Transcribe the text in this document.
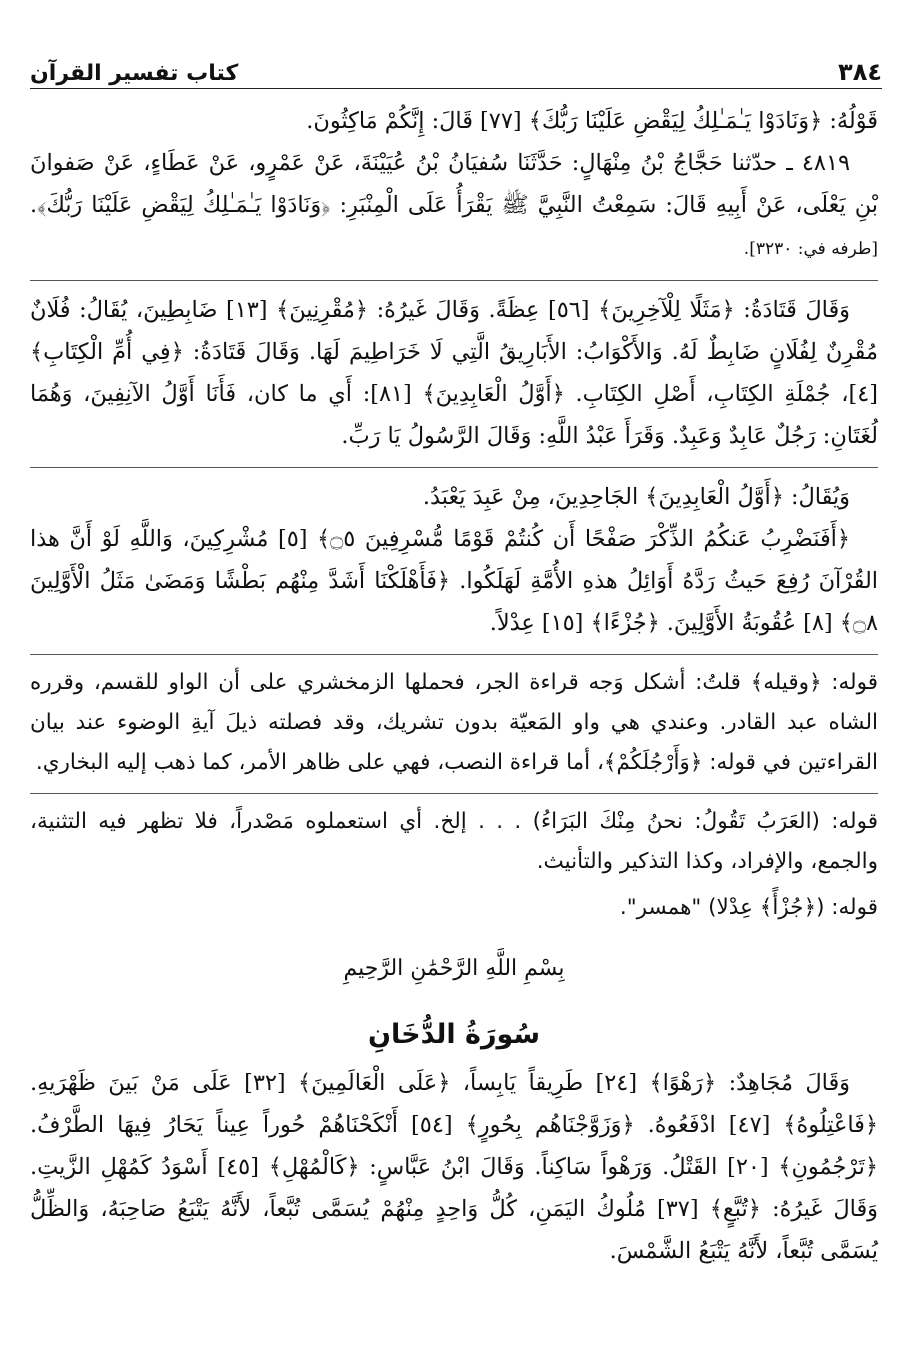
٣٨٤
كتاب تفسير القرآن

قَوْلُهُ: ﴿وَنَادَوْا يَـٰمَـٰلِكُ لِيَقْضِ عَلَيْنَا رَبُّكَ﴾ [٧٧] قَالَ: إِنَّكُمْ مَاكِثُونَ.

٤٨١٩ ـ حدّثنا حَجَّاجُ بْنُ مِنْهَالٍ: حَدَّثَنَا سُفيَانُ بْنُ عُيَيْنَةَ، عَنْ عَمْرٍو، عَنْ عَطَاءٍ، عَنْ صَفوانَ بْنِ يَعْلَى، عَنْ أَبِيهِ قَالَ: سَمِعْتُ النَّبِيَّ ﷺ يَقْرَأُ عَلَى الْمِنْبَرِ: ﴿وَنَادَوْا يَـٰمَـٰلِكُ لِيَقْضِ عَلَيْنَا رَبُّكَ﴾. [طرفه في: ٣٢٣٠].

وَقَالَ قَتَادَةُ: ﴿مَثَلًا لِلْآخِرِينَ﴾ [٥٦] عِظَةً. وَقَالَ غَيرُهُ: ﴿مُقْرِنِينَ﴾ [١٣] ضَابِطِينَ، يُقَالُ: فُلَانٌ مُقْرِنٌ لِفُلَانٍ ضَابِطٌ لَهُ. وَالأَكْوَابُ: الأَبَارِيقُ الَّتِي لَا خَرَاطِيمَ لَهَا. وَقَالَ قَتَادَةُ: ﴿فِي أُمِّ الْكِتَابِ﴾ [٤]، جُمْلَةِ الكِتَابِ، أَصْلِ الكِتَابِ. ﴿أَوَّلُ الْعَابِدِينَ﴾ [٨١]: أَي ما كان، فَأَنَا أَوَّلُ الآنِفِينَ، وَهُمَا لُغَتَانِ: رَجُلٌ عَابِدٌ وَعَبِدٌ. وَقَرَأَ عَبْدُ اللَّهِ: وَقَالَ الرَّسُولُ يَا رَبِّ.

وَيُقَالُ: ﴿أَوَّلُ الْعَابِدِينَ﴾ الجَاحِدِينَ، مِنْ عَبِدَ يَعْبَدُ.

﴿أَفَنَضْرِبُ عَنكُمُ الذِّكْرَ صَفْحًا أَن كُنتُمْ قَوْمًا مُّسْرِفِينَ ۝٥﴾ [٥] مُشْرِكِينَ، وَاللَّهِ لَوْ أَنَّ هذا القُرْآنَ رُفِعَ حَيثُ رَدَّهُ أَوَائِلُ هذهِ الأُمَّةِ لَهَلَكُوا. ﴿فَأَهْلَكْنَا أَشَدَّ مِنْهُم بَطْشًا وَمَضَىٰ مَثَلُ الْأَوَّلِينَ ۝٨﴾ [٨] عُقُوبَةُ الأَوَّلِينَ. ﴿جُزْءًا﴾ [١٥] عِدْلاً.

قوله: ﴿وقيله﴾ قلتُ: أشكل وَجه قراءة الجر، فحملها الزمخشري على أن الواو للقسم، وقرره الشاه عبد القادر. وعندي هي واو المَعيّة بدون تشريك، وقد فصلته ذيلَ آيةِ الوضوء عند بيان القراءتين في قوله: ﴿وَأَرْجُلَكُمْ﴾، أما قراءة النصب، فهي على ظاهر الأمر، كما ذهب إليه البخاري.

قوله: (العَرَبُ تَقُولُ: نحنُ مِنْكَ البَرَاءُ) . . . إلخ. أي استعملوه مَصْدراً، فلا تظهر فيه التثنية، والجمع، والإفراد، وكذا التذكير والتأنيث.

قوله: (﴿جُزْأً﴾ عِدْلا) "همسر".

بِسْمِ اللَّهِ الرَّحْمَٰنِ الرَّحِيمِ
سُورَةُ الدُّخَانِ

وَقَالَ مُجَاهِدٌ: ﴿رَهْوًا﴾ [٢٤] طَرِيقاً يَابِساً، ﴿عَلَى الْعَالَمِينَ﴾ [٣٢] عَلَى مَنْ بَينَ ظَهْرَيهِ. ﴿فَاعْتِلُوهُ﴾ [٤٧] ادْفَعُوهُ. ﴿وَزَوَّجْنَاهُم بِحُورٍ﴾ [٥٤] أَنْكَحْنَاهُمْ حُوراً عِيناً يَحَارُ فِيهَا الطَّرْفُ. ﴿تَرْجُمُونِ﴾ [٢٠] القَتْلُ. وَرَهْواً سَاكِناً. وَقَالَ ابْنُ عَبَّاسٍ: ﴿كَالْمُهْلِ﴾ [٤٥] أَسْوَدُ كَمُهْلِ الزَّيتِ. وَقَالَ غَيرُهُ: ﴿تُبَّعٍ﴾ [٣٧] مُلُوكُ اليَمَنِ، كُلُّ وَاحِدٍ مِنْهُمْ يُسَمَّى تُبَّعاً، لأَنَّهُ يَتْبَعُ صَاحِبَهُ، وَالظِّلُّ يُسَمَّى تُبَّعاً، لأَنَّهُ يَتْبَعُ الشَّمْسَ.
